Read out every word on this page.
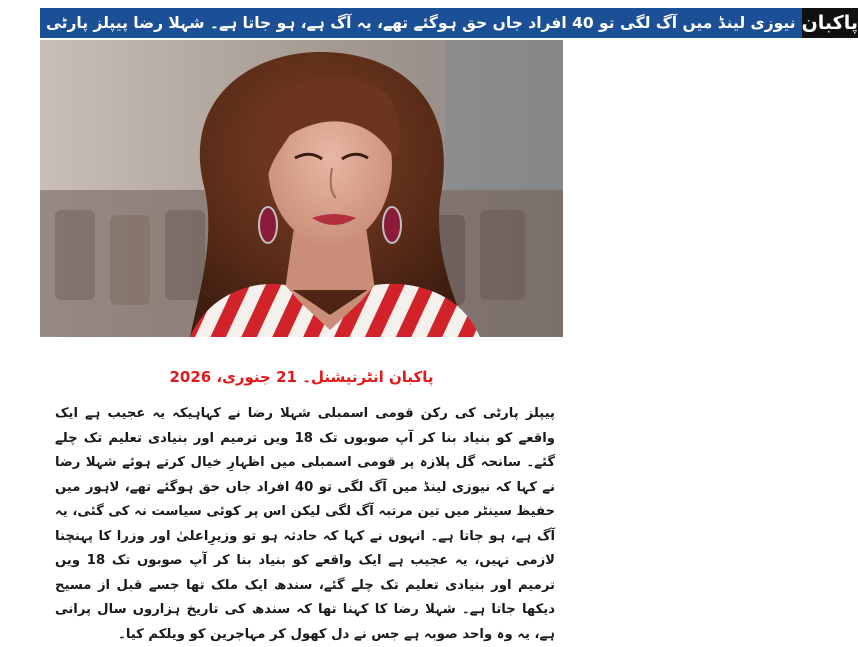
نیوزی لینڈ میں آگ لگی تو 40 افراد جاں حق ہوگئے تھے، یہ آگ ہے، ہو جاتا ہے۔ شہلا رضا پیپلز پارٹی پاکبان
پاکبان انٹرنیشنل۔ 21 جنوری، 2026

پیپلز پارٹی کی رکن قومی اسمبلی شہلا رضا نے کہاہیکہ یہ عجیب ہے ایک واقعے کو بنیاد بنا کر آپ صوبوں تک 18 ویں ترمیم اور بنیادی تعلیم تک چلے گئے۔ سانحہ گل پلازہ پر قومی اسمبلی میں اظہارِ خیال کرتے ہوئے شہلا رضا نے کہا کہ نیوزی لینڈ میں آگ لگی تو 40 افراد جاں حق ہوگئے تھے، لاہور میں حفیظ سینٹر میں تین مرتبہ آگ لگی لیکن اس پر کوئی سیاست نہ کی گئی، یہ آگ ہے، ہو جاتا ہے۔ انہوں نے کہا کہ حادثہ ہو تو وزیرِاعلیٰ اور وزرا کا پہنچنا لازمی نہیں، یہ عجیب ہے ایک واقعے کو بنیاد بنا کر آپ صوبوں تک 18 ویں ترمیم اور بنیادی تعلیم تک چلے گئے، سندھ ایک ملک تھا جسے قبل از مسیح دیکھا جاتا ہے۔ شہلا رضا کا کہنا تھا کہ سندھ کی تاریخ ہزاروں سال پرانی ہے، یہ وہ واحد صوبہ ہے جس نے دل کھول کر مہاجرین کو ویلکم کیا۔
